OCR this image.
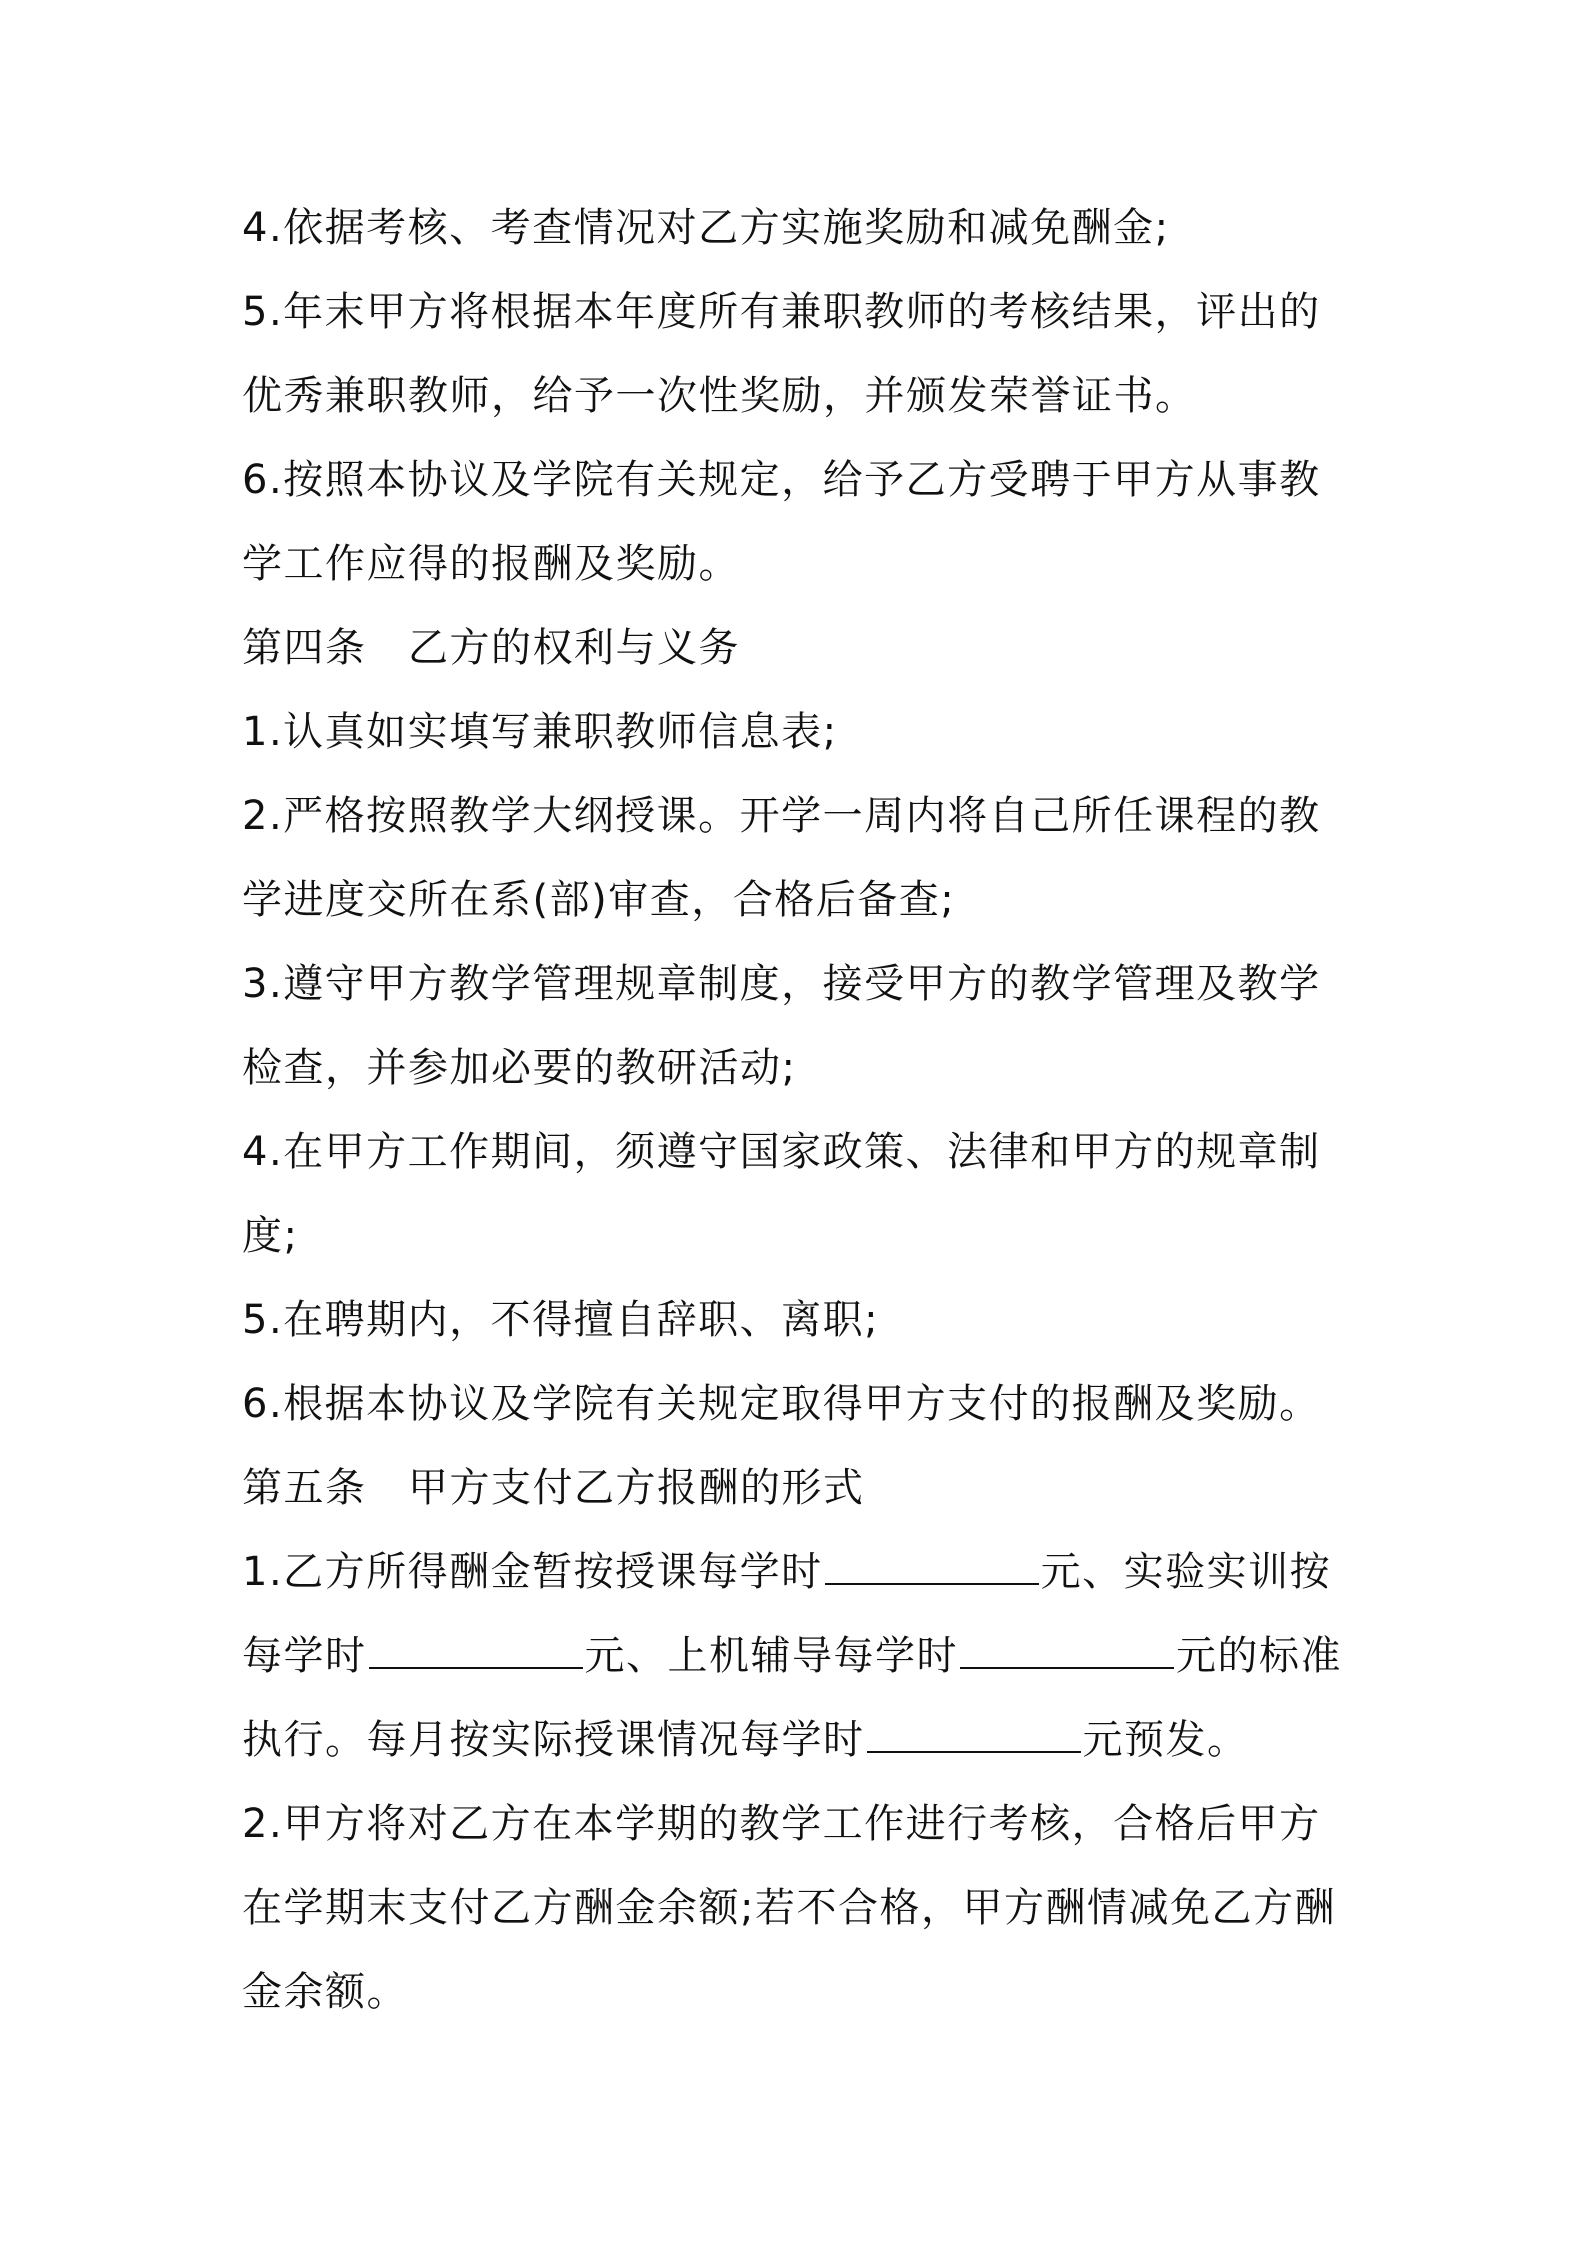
4.依据考核、考查情况对乙方实施奖励和减免酬金;
5.年末甲方将根据本年度所有兼职教师的考核结果，评出的
优秀兼职教师，给予一次性奖励，并颁发荣誉证书。
6.按照本协议及学院有关规定，给予乙方受聘于甲方从事教
学工作应得的报酬及奖励。
第四条　乙方的权利与义务
1.认真如实填写兼职教师信息表;
2.严格按照教学大纲授课。开学一周内将自己所任课程的教
学进度交所在系(部)审查，合格后备查;
3.遵守甲方教学管理规章制度，接受甲方的教学管理及教学
检查，并参加必要的教研活动;
4.在甲方工作期间，须遵守国家政策、法律和甲方的规章制
度;
5.在聘期内，不得擅自辞职、离职;
6.根据本协议及学院有关规定取得甲方支付的报酬及奖励。
第五条　甲方支付乙方报酬的形式
1.乙方所得酬金暂按授课每学时	元、实验实训按
每学时	元、上机辅导每学时	元的标准
执行。每月按实际授课情况每学时	元预发。
2.甲方将对乙方在本学期的教学工作进行考核，合格后甲方
在学期末支付乙方酬金余额;若不合格，甲方酬情减免乙方酬
金余额。
